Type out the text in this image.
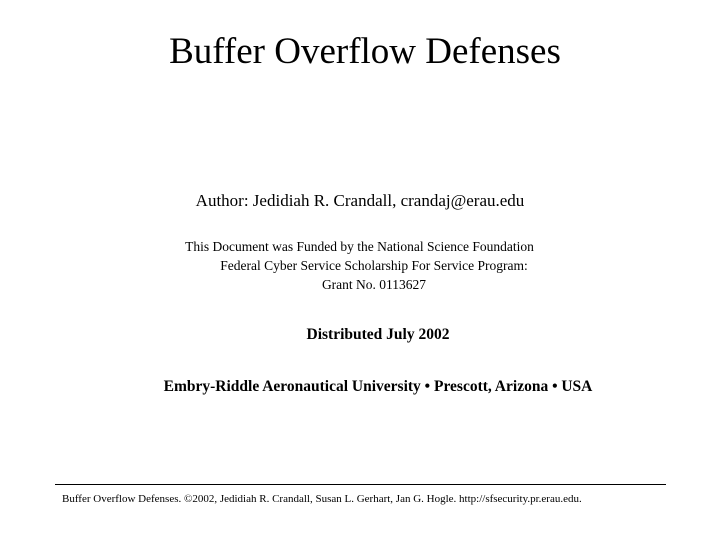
Buffer Overflow Defenses
Author: Jedidiah R. Crandall, crandaj@erau.edu
This Document was Funded by the National Science Foundation
Federal Cyber Service Scholarship For Service Program:
Grant No. 0113627
Distributed July 2002
Embry-Riddle Aeronautical University • Prescott, Arizona • USA
Buffer Overflow Defenses. ©2002, Jedidiah R. Crandall, Susan L. Gerhart, Jan G. Hogle. http://sfsecurity.pr.erau.edu.
